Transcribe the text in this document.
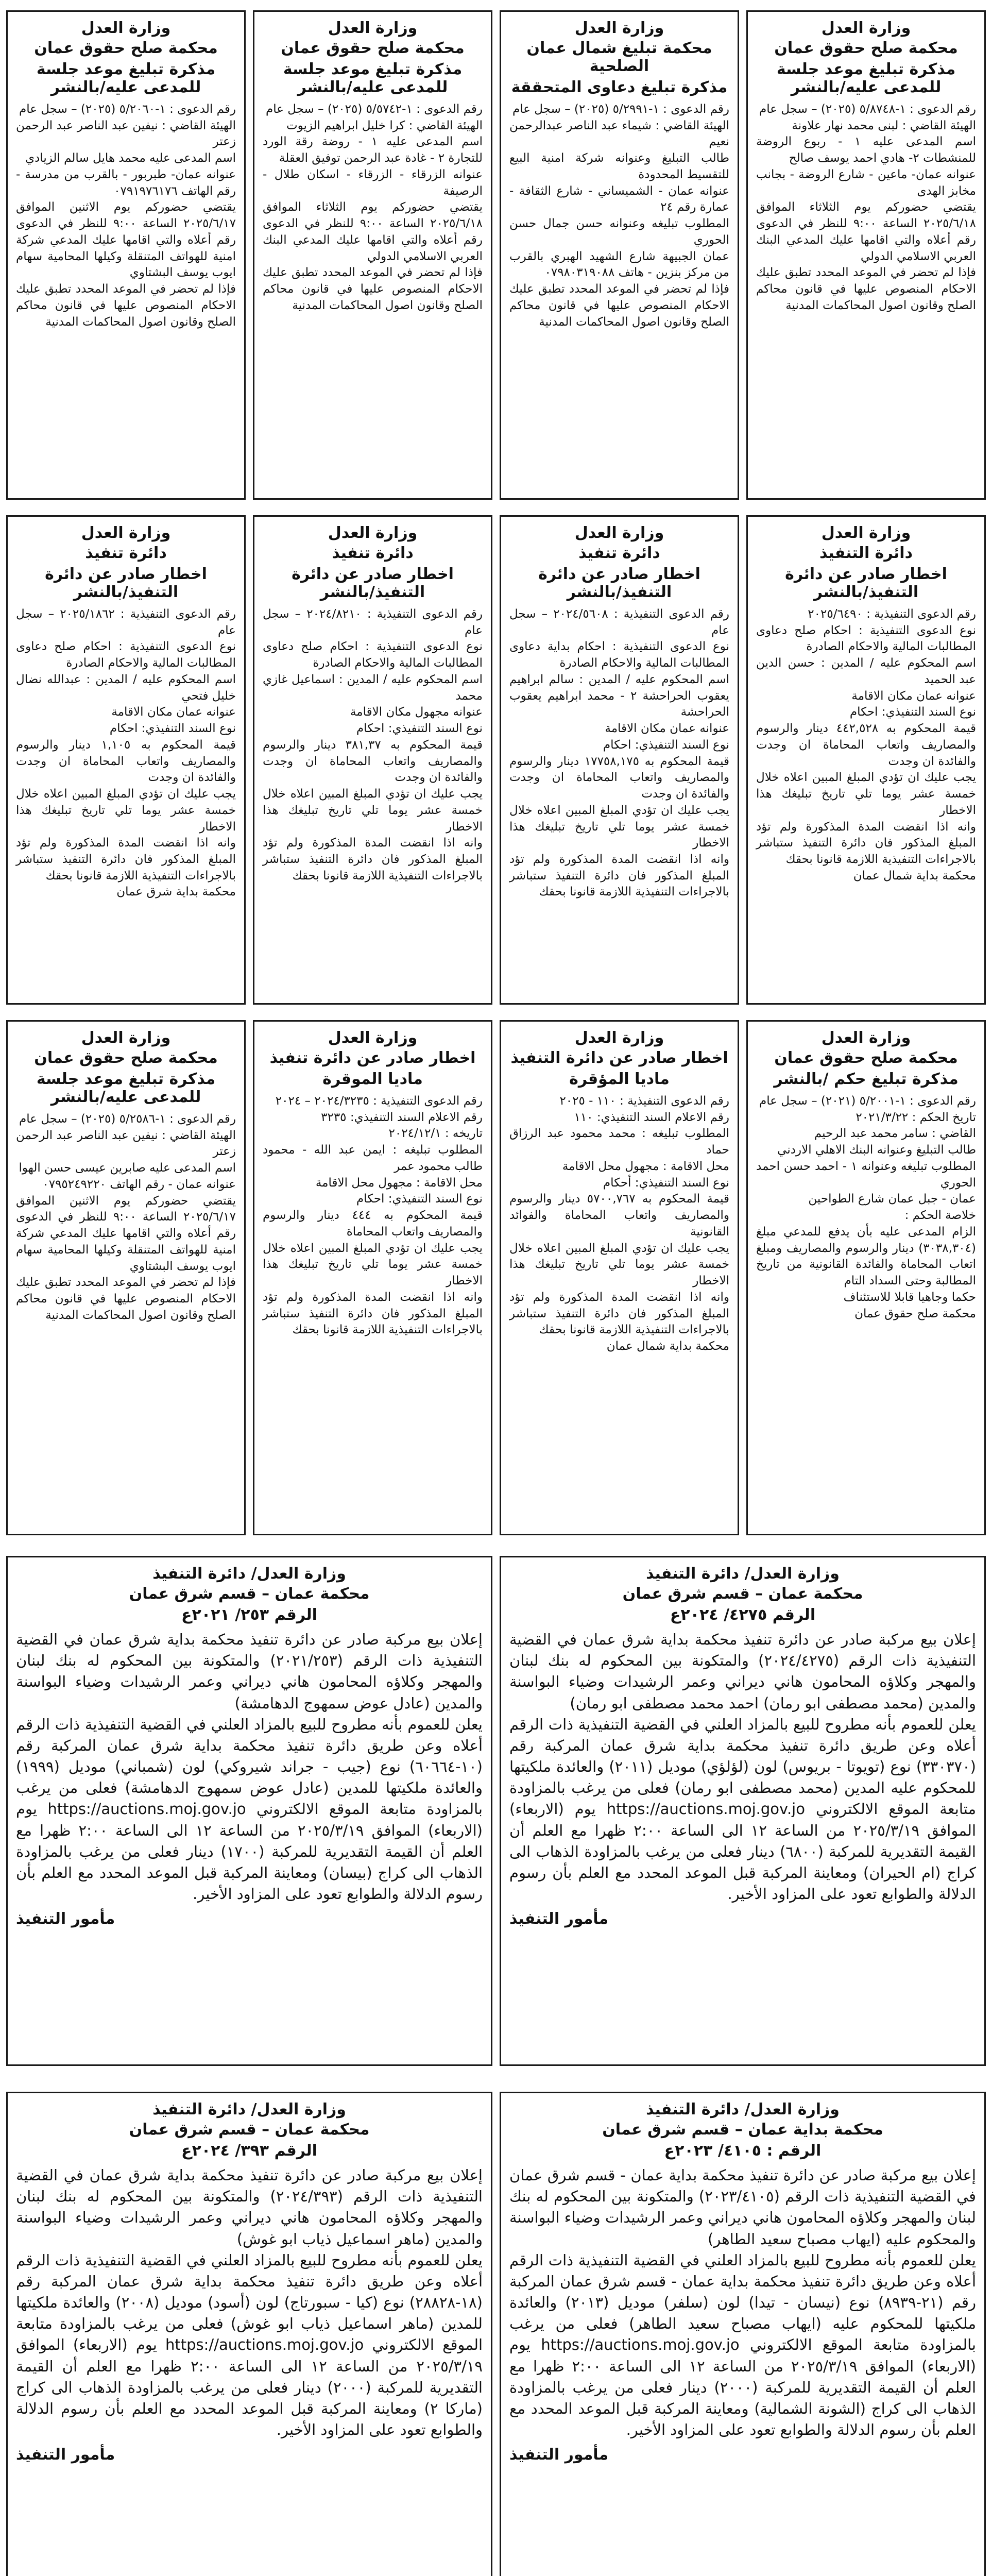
وزارة العدل
محكمة صلح حقوق عمان
مذكرة تبليغ موعد جلسة للمدعى عليه/بالنشر
رقم الدعوى : ١-٥/٨٧٤٨ (٢٠٢٥) – سجل عام
الهيئة القاضي : لبنى محمد نهار علاونة
اسم المدعى عليه ١ - ربوع الروضة للمنشطات ٢- هادي احمد يوسف صالح
عنوانه عمان- ماعين - شارع الروضة - بجانب مخابز الهدى
يقتضي حضوركم يوم الثلاثاء الموافق ٢٠٢٥/٦/١٨ الساعة ٩:٠٠ للنظر في الدعوى رقم أعلاه والتي اقامها عليك المدعي البنك العربي الاسلامي الدولي
فإذا لم تحضر في الموعد المحدد تطبق عليك الاحكام المنصوص عليها في قانون محاكم الصلح وقانون اصول المحاكمات المدنية
وزارة العدل
محكمة تبليغ شمال عمان الصلحية
مذكرة تبليغ دعاوى المتحققة
رقم الدعوى : ١-٥/٢٩٩١ (٢٠٢٥) – سجل عام
الهيئة القاضي : شيماء عبد الناصر عبدالرحمن نعيم
طالب التبليغ وعنوانه شركة امنية البيع للتقسيط المحدودة
عنوانه عمان - الشميساني - شارع الثقافة - عمارة رقم ٢٤
المطلوب تبليغه وعنوانه حسن جمال حسن الحوري
عمان الجبيهة شارع الشهيد الهبري بالقرب من مركز بنزين - هاتف ٠٧٩٨٠٣١٩٠٨٨
فإذا لم تحضر في الموعد المحدد تطبق عليك الاحكام المنصوص عليها في قانون محاكم الصلح وقانون اصول المحاكمات المدنية
وزارة العدل
محكمة صلح حقوق عمان
مذكرة تبليغ موعد جلسة للمدعى عليه/بالنشر
رقم الدعوى : ١-٥/٥٧٤٢ (٢٠٢٥) – سجل عام
الهيئة القاضي : كرا خليل ابراهيم الزيوت
اسم المدعى عليه ١ - روضة رقة الورد للتجارة ٢ - غادة عبد الرحمن توفيق العقلة
عنوانه الزرقاء - الزرقاء - اسكان طلال - الرصيفة
يقتضي حضوركم يوم الثلاثاء الموافق ٢٠٢٥/٦/١٨ الساعة ٩:٠٠ للنظر في الدعوى رقم أعلاه والتي اقامها عليك المدعي البنك العربي الاسلامي الدولي
فإذا لم تحضر في الموعد المحدد تطبق عليك الاحكام المنصوص عليها في قانون محاكم الصلح وقانون اصول المحاكمات المدنية
وزارة العدل
محكمة صلح حقوق عمان
مذكرة تبليغ موعد جلسة للمدعى عليه/بالنشر
رقم الدعوى : ١-٥/٢٠٦٠ (٢٠٢٥) – سجل عام
الهيئة القاضي : نيفين عبد الناصر عبد الرحمن زعتر
اسم المدعى عليه محمد هايل سالم الزيادي
عنوانه عمان- طبربور - بالقرب من مدرسة - رقم الهاتف ٠٧٩١٩٧٦١٧٦
يقتضي حضوركم يوم الاثنين الموافق ٢٠٢٥/٦/١٧ الساعة ٩:٠٠ للنظر في الدعوى رقم أعلاه والتي اقامها عليك المدعي شركة امنية للهواتف المتنقلة وكيلها المحامية سهام ايوب يوسف البشتاوي
فإذا لم تحضر في الموعد المحدد تطبق عليك الاحكام المنصوص عليها في قانون محاكم الصلح وقانون اصول المحاكمات المدنية
وزارة العدل
دائرة التنفيذ
اخطار صادر عن دائرة التنفيذ/بالنشر
رقم الدعوى التنفيذية : ٢٠٢٥/٦٤٩٠
نوع الدعوى التنفيذية : احكام صلح دعاوى المطالبات المالية والاحكام الصادرة
اسم المحكوم عليه / المدين : حسن الدين عبد الحميد
عنوانه عمان مكان الاقامة
نوع السند التنفيذي: احكام
قيمة المحكوم به ٤٤٢,٥٢٨ دينار والرسوم والمصاريف واتعاب المحاماة ان وجدت والفائدة ان وجدت
يجب عليك ان تؤدي المبلغ المبين اعلاه خلال خمسة عشر يوما تلي تاريخ تبليغك هذا الاخطار
وانه اذا انقضت المدة المذكورة ولم تؤد المبلغ المذكور فان دائرة التنفيذ ستباشر بالاجراءات التنفيذية اللازمة قانونا بحقك
محكمة بداية شمال عمان
وزارة العدل
دائرة تنفيذ
اخطار صادر عن دائرة التنفيذ/بالنشر
رقم الدعوى التنفيذية : ٢٠٢٤/٥٦٠٨ – سجل عام
نوع الدعوى التنفيذية : احكام بداية دعاوى المطالبات المالية والاحكام الصادرة
اسم المحكوم عليه / المدين : سالم ابراهيم يعقوب الحراحشة ٢ - محمد ابراهيم يعقوب الحراحشة
عنوانه عمان مكان الاقامة
نوع السند التنفيذي: احكام
قيمة المحكوم به ١٧٧٥٨,١٧٥ دينار والرسوم والمصاريف واتعاب المحاماة ان وجدت والفائدة ان وجدت
يجب عليك ان تؤدي المبلغ المبين اعلاه خلال خمسة عشر يوما تلي تاريخ تبليغك هذا الاخطار
وانه اذا انقضت المدة المذكورة ولم تؤد المبلغ المذكور فان دائرة التنفيذ ستباشر بالاجراءات التنفيذية اللازمة قانونا بحقك
وزارة العدل
دائرة تنفيذ
اخطار صادر عن دائرة التنفيذ/بالنشر
رقم الدعوى التنفيذية : ٢٠٢٤/٨٢١٠ – سجل عام
نوع الدعوى التنفيذية : احكام صلح دعاوى المطالبات المالية والاحكام الصادرة
اسم المحكوم عليه / المدين : اسماعيل غازي محمد
عنوانه مجهول مكان الاقامة
نوع السند التنفيذي: احكام
قيمة المحكوم به ٣٨١,٣٧ دينار والرسوم والمصاريف واتعاب المحاماة ان وجدت والفائدة ان وجدت
يجب عليك ان تؤدي المبلغ المبين اعلاه خلال خمسة عشر يوما تلي تاريخ تبليغك هذا الاخطار
وانه اذا انقضت المدة المذكورة ولم تؤد المبلغ المذكور فان دائرة التنفيذ ستباشر بالاجراءات التنفيذية اللازمة قانونا بحقك
وزارة العدل
دائرة تنفيذ
اخطار صادر عن دائرة التنفيذ/بالنشر
رقم الدعوى التنفيذية : ٢٠٢٥/١٨٦٢ – سجل عام
نوع الدعوى التنفيذية : احكام صلح دعاوى المطالبات المالية والاحكام الصادرة
اسم المحكوم عليه / المدين : عبدالله نضال خليل فتحي
عنوانه عمان مكان الاقامة
نوع السند التنفيذي: احكام
قيمة المحكوم به ١,١٠٥ دينار والرسوم والمصاريف واتعاب المحاماة ان وجدت والفائدة ان وجدت
يجب عليك ان تؤدي المبلغ المبين اعلاه خلال خمسة عشر يوما تلي تاريخ تبليغك هذا الاخطار
وانه اذا انقضت المدة المذكورة ولم تؤد المبلغ المذكور فان دائرة التنفيذ ستباشر بالاجراءات التنفيذية اللازمة قانونا بحقك
محكمة بداية شرق عمان
وزارة العدل
محكمة صلح حقوق عمان
مذكرة تبليغ حكم /بالنشر
رقم الدعوى : ١-٥/٢٠٠١ (٢٠٢١) – سجل عام
تاريخ الحكم : ٢٠٢١/٣/٢٢
القاضي : سامر محمد عبد الرحيم
طالب التبليغ وعنوانه البنك الاهلي الاردني
المطلوب تبليغه وعنوانه ١ - احمد حسن احمد الحوري
عمان - جبل عمان شارع الطواحين
خلاصة الحكم :
الزام المدعى عليه بأن يدفع للمدعي مبلغ (٣٠٣٨,٣٠٤) دينار والرسوم والمصاريف ومبلغ اتعاب المحاماة والفائدة القانونية من تاريخ المطالبة وحتى السداد التام
حكما وجاهيا قابلا للاستئناف
محكمة صلح حقوق عمان
وزارة العدل
اخطار صادر عن دائرة التنفيذ
ماديا المؤقرة
رقم الدعوى التنفيذية : ١١٠ - ٢٠٢٥
رقم الاعلام السند التنفيذي: ١١٠
المطلوب تبليغه : محمد محمود عبد الرزاق حماد
محل الاقامة : مجهول محل الاقامة
نوع السند التنفيذي: أحكام
قيمة المحكوم به ٥٧٠٠,٧٦٧ دينار والرسوم والمصاريف واتعاب المحاماة والفوائد القانونية
يجب عليك ان تؤدي المبلغ المبين اعلاه خلال خمسة عشر يوما تلي تاريخ تبليغك هذا الاخطار
وانه اذا انقضت المدة المذكورة ولم تؤد المبلغ المذكور فان دائرة التنفيذ ستباشر بالاجراءات التنفيذية اللازمة قانونا بحقك
محكمة بداية شمال عمان
وزارة العدل
اخطار صادر عن دائرة تنفيذ
ماديا الموقرة
رقم الدعوى التنفيذية : ٢٠٢٤/٣٢٣٥ – ٢٠٢٤
رقم الاعلام السند التنفيذي: ٣٢٣٥
تاريخه : ٢٠٢٤/١٢/١
المطلوب تبليغه : ايمن عبد الله - محمود طالب محمود عمر
محل الاقامة : مجهول محل الاقامة
نوع السند التنفيذي: احكام
قيمة المحكوم به ٤٤٤ دينار والرسوم والمصاريف واتعاب المحاماة
يجب عليك ان تؤدي المبلغ المبين اعلاه خلال خمسة عشر يوما تلي تاريخ تبليغك هذا الاخطار
وانه اذا انقضت المدة المذكورة ولم تؤد المبلغ المذكور فان دائرة التنفيذ ستباشر بالاجراءات التنفيذية اللازمة قانونا بحقك
وزارة العدل
محكمة صلح حقوق عمان
مذكرة تبليغ موعد جلسة للمدعى عليه/بالنشر
رقم الدعوى : ١-٥/٢٥٨٦ (٢٠٢٥) – سجل عام
الهيئة القاضي : نيفين عبد الناصر عبد الرحمن زعتر
اسم المدعى عليه صابرين عيسى حسن الهوا
عنوانه عمان - رقم الهاتف ٠٧٩٥٢٤٩٢٢٠
يقتضي حضوركم يوم الاثنين الموافق ٢٠٢٥/٦/١٧ الساعة ٩:٠٠ للنظر في الدعوى رقم أعلاه والتي اقامها عليك المدعي شركة امنية للهواتف المتنقلة وكيلها المحامية سهام ايوب يوسف البشتاوي
فإذا لم تحضر في الموعد المحدد تطبق عليك الاحكام المنصوص عليها في قانون محاكم الصلح وقانون اصول المحاكمات المدنية
وزارة العدل/ دائرة التنفيذ
محكمة عمان – قسم شرق عمان
الرقم ٤٢٧٥/ ٢٠٢٤ع
إعلان بيع مركبة صادر عن دائرة تنفيذ محكمة بداية شرق عمان في القضية التنفيذية ذات الرقم (٢٠٢٤/٤٢٧٥) والمتكونة بين المحكوم له بنك لبنان والمهجر وكلاؤه المحامون هاني ديراني وعمر الرشيدات وضياء البواسنة والمدين (محمد مصطفى ابو رمان) احمد محمد مصطفى ابو رمان)
يعلن للعموم بأنه مطروح للبيع بالمزاد العلني في القضية التنفيذية ذات الرقم أعلاه وعن طريق دائرة تنفيذ محكمة بداية شرق عمان المركبة رقم (٣٣٠٣٧٠) نوع (تويوتا - بريوس) لون (لؤلؤي) موديل (٢٠١١) والعائدة ملكيتها للمحكوم عليه المدين (محمد مصطفى ابو رمان) فعلى من يرغب بالمزاودة متابعة الموقع الالكتروني https://auctions.moj.gov.jo يوم (الاربعاء) الموافق ٢٠٢٥/٣/١٩ من الساعة ١٢ الى الساعة ٢:٠٠ ظهرا مع العلم أن القيمة التقديرية للمركبة (٦٨٠٠) دينار فعلى من يرغب بالمزاودة الذهاب الى كراج (ام الحيران) ومعاينة المركبة قبل الموعد المحدد مع العلم بأن رسوم الدلالة والطوابع تعود على المزاود الأخير.
مأمور التنفيذ
وزارة العدل/ دائرة التنفيذ
محكمة عمان – قسم شرق عمان
الرقم ٢٥٣/ ٢٠٢١ع
إعلان بيع مركبة صادر عن دائرة تنفيذ محكمة بداية شرق عمان في القضية التنفيذية ذات الرقم (٢٠٢١/٢٥٣) والمتكونة بين المحكوم له بنك لبنان والمهجر وكلاؤه المحامون هاني ديراني وعمر الرشيدات وضياء البواسنة والمدين (عادل عوض سمهوج الدهامشة)
يعلن للعموم بأنه مطروح للبيع بالمزاد العلني في القضية التنفيذية ذات الرقم أعلاه وعن طريق دائرة تنفيذ محكمة بداية شرق عمان المركبة رقم (١٠-٦٠٦٦٤) نوع (جيب - جراند شيروكي) لون (شمباني) موديل (١٩٩٩) والعائدة ملكيتها للمدين (عادل عوض سمهوج الدهامشة) فعلى من يرغب بالمزاودة متابعة الموقع الالكتروني https://auctions.moj.gov.jo يوم (الاربعاء) الموافق ٢٠٢٥/٣/١٩ من الساعة ١٢ الى الساعة ٢:٠٠ ظهرا مع العلم أن القيمة التقديرية للمركبة (١٧٠٠) دينار فعلى من يرغب بالمزاودة الذهاب الى كراج (بيسان) ومعاينة المركبة قبل الموعد المحدد مع العلم بأن رسوم الدلالة والطوابع تعود على المزاود الأخير.
مأمور التنفيذ
وزارة العدل/ دائرة التنفيذ
محكمة بداية عمان – قسم شرق عمان
الرقم : ٤١٠٥/ ٢٠٢٣ع
إعلان بيع مركبة صادر عن دائرة تنفيذ محكمة بداية عمان - قسم شرق عمان في القضية التنفيذية ذات الرقم (٢٠٢٣/٤١٠٥) والمتكونة بين المحكوم له بنك لبنان والمهجر وكلاؤه المحامون هاني ديراني وعمر الرشيدات وضياء البواسنة والمحكوم عليه (ايهاب مصباح سعيد الطاهر)
يعلن للعموم بأنه مطروح للبيع بالمزاد العلني في القضية التنفيذية ذات الرقم أعلاه وعن طريق دائرة تنفيذ محكمة بداية عمان - قسم شرق عمان المركبة رقم (٢١-٨٩٣٩) نوع (نيسان - تيدا) لون (سلفر) موديل (٢٠١٣) والعائدة ملكيتها للمحكوم عليه (ايهاب مصباح سعيد الطاهر) فعلى من يرغب بالمزاودة متابعة الموقع الالكتروني https://auctions.moj.gov.jo يوم (الاربعاء) الموافق ٢٠٢٥/٣/١٩ من الساعة ١٢ الى الساعة ٢:٠٠ ظهرا مع العلم أن القيمة التقديرية للمركبة (٢٠٠٠) دينار فعلى من يرغب بالمزاودة الذهاب الى كراج (الشونة الشمالية) ومعاينة المركبة قبل الموعد المحدد مع العلم بأن رسوم الدلالة والطوابع تعود على المزاود الأخير.
مأمور التنفيذ
وزارة العدل/ دائرة التنفيذ
محكمة عمان – قسم شرق عمان
الرقم ٣٩٣/ ٢٠٢٤ع
إعلان بيع مركبة صادر عن دائرة تنفيذ محكمة بداية شرق عمان في القضية التنفيذية ذات الرقم (٢٠٢٤/٣٩٣) والمتكونة بين المحكوم له بنك لبنان والمهجر وكلاؤه المحامون هاني ديراني وعمر الرشيدات وضياء البواسنة والمدين (ماهر اسماعيل ذياب ابو غوش)
يعلن للعموم بأنه مطروح للبيع بالمزاد العلني في القضية التنفيذية ذات الرقم أعلاه وعن طريق دائرة تنفيذ محكمة بداية شرق عمان المركبة رقم (١٨-٢٨٨٢٨) نوع (كيا - سبورتاج) لون (أسود) موديل (٢٠٠٨) والعائدة ملكيتها للمدين (ماهر اسماعيل ذياب ابو غوش) فعلى من يرغب بالمزاودة متابعة الموقع الالكتروني https://auctions.moj.gov.jo يوم (الاربعاء) الموافق ٢٠٢٥/٣/١٩ من الساعة ١٢ الى الساعة ٢:٠٠ ظهرا مع العلم أن القيمة التقديرية للمركبة (٢٠٠٠) دينار فعلى من يرغب بالمزاودة الذهاب الى كراج (ماركا ٢) ومعاينة المركبة قبل الموعد المحدد مع العلم بأن رسوم الدلالة والطوابع تعود على المزاود الأخير.
مأمور التنفيذ
